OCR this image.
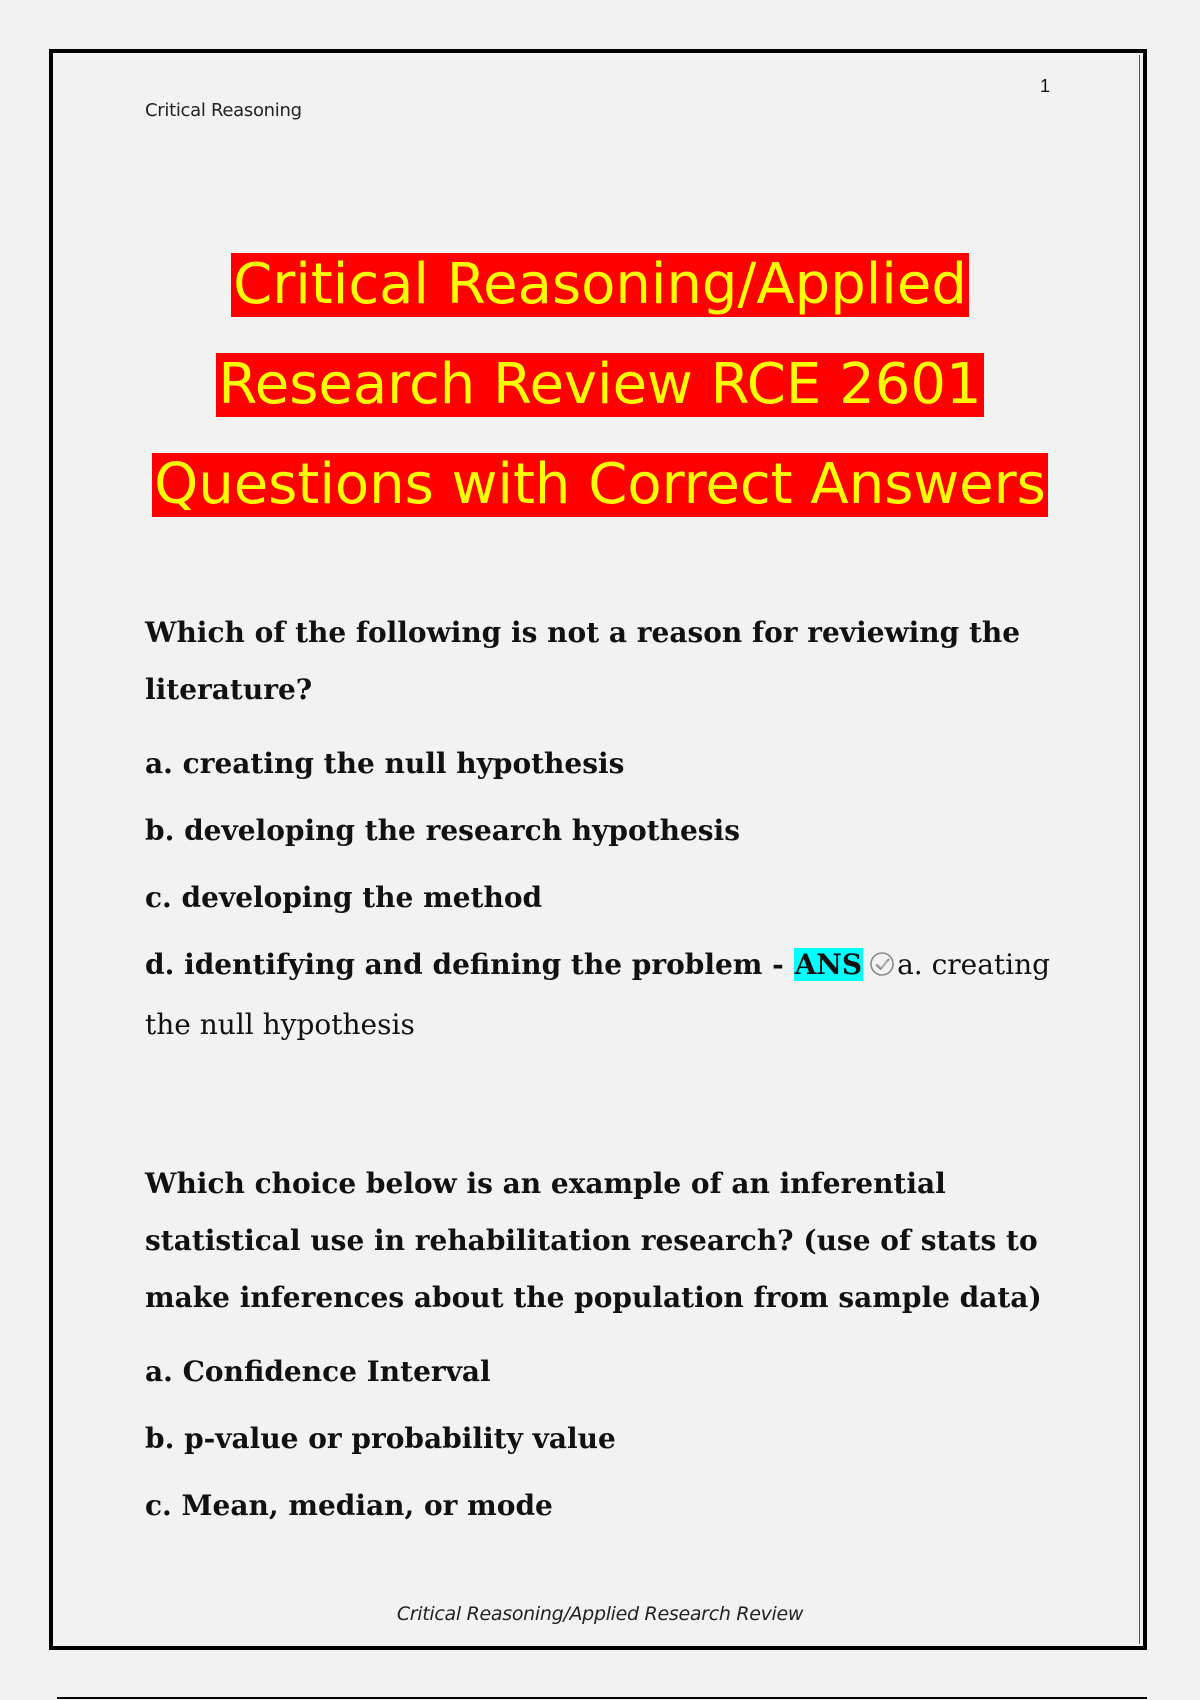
1
Critical Reasoning
Critical Reasoning/Applied
Research Review RCE 2601
Questions with Correct Answers

Which of the following is not a reason for reviewing the literature?

a. creating the null hypothesis

b. developing the research hypothesis

c. developing the method

d. identifying and defining the problem - ANS a. creating the null hypothesis

Which choice below is an example of an inferential statistical use in rehabilitation research? (use of stats to make inferences about the population from sample data)

a. Confidence Interval

b. p-value or probability value

c. Mean, median, or mode

Critical Reasoning/Applied Research Review
